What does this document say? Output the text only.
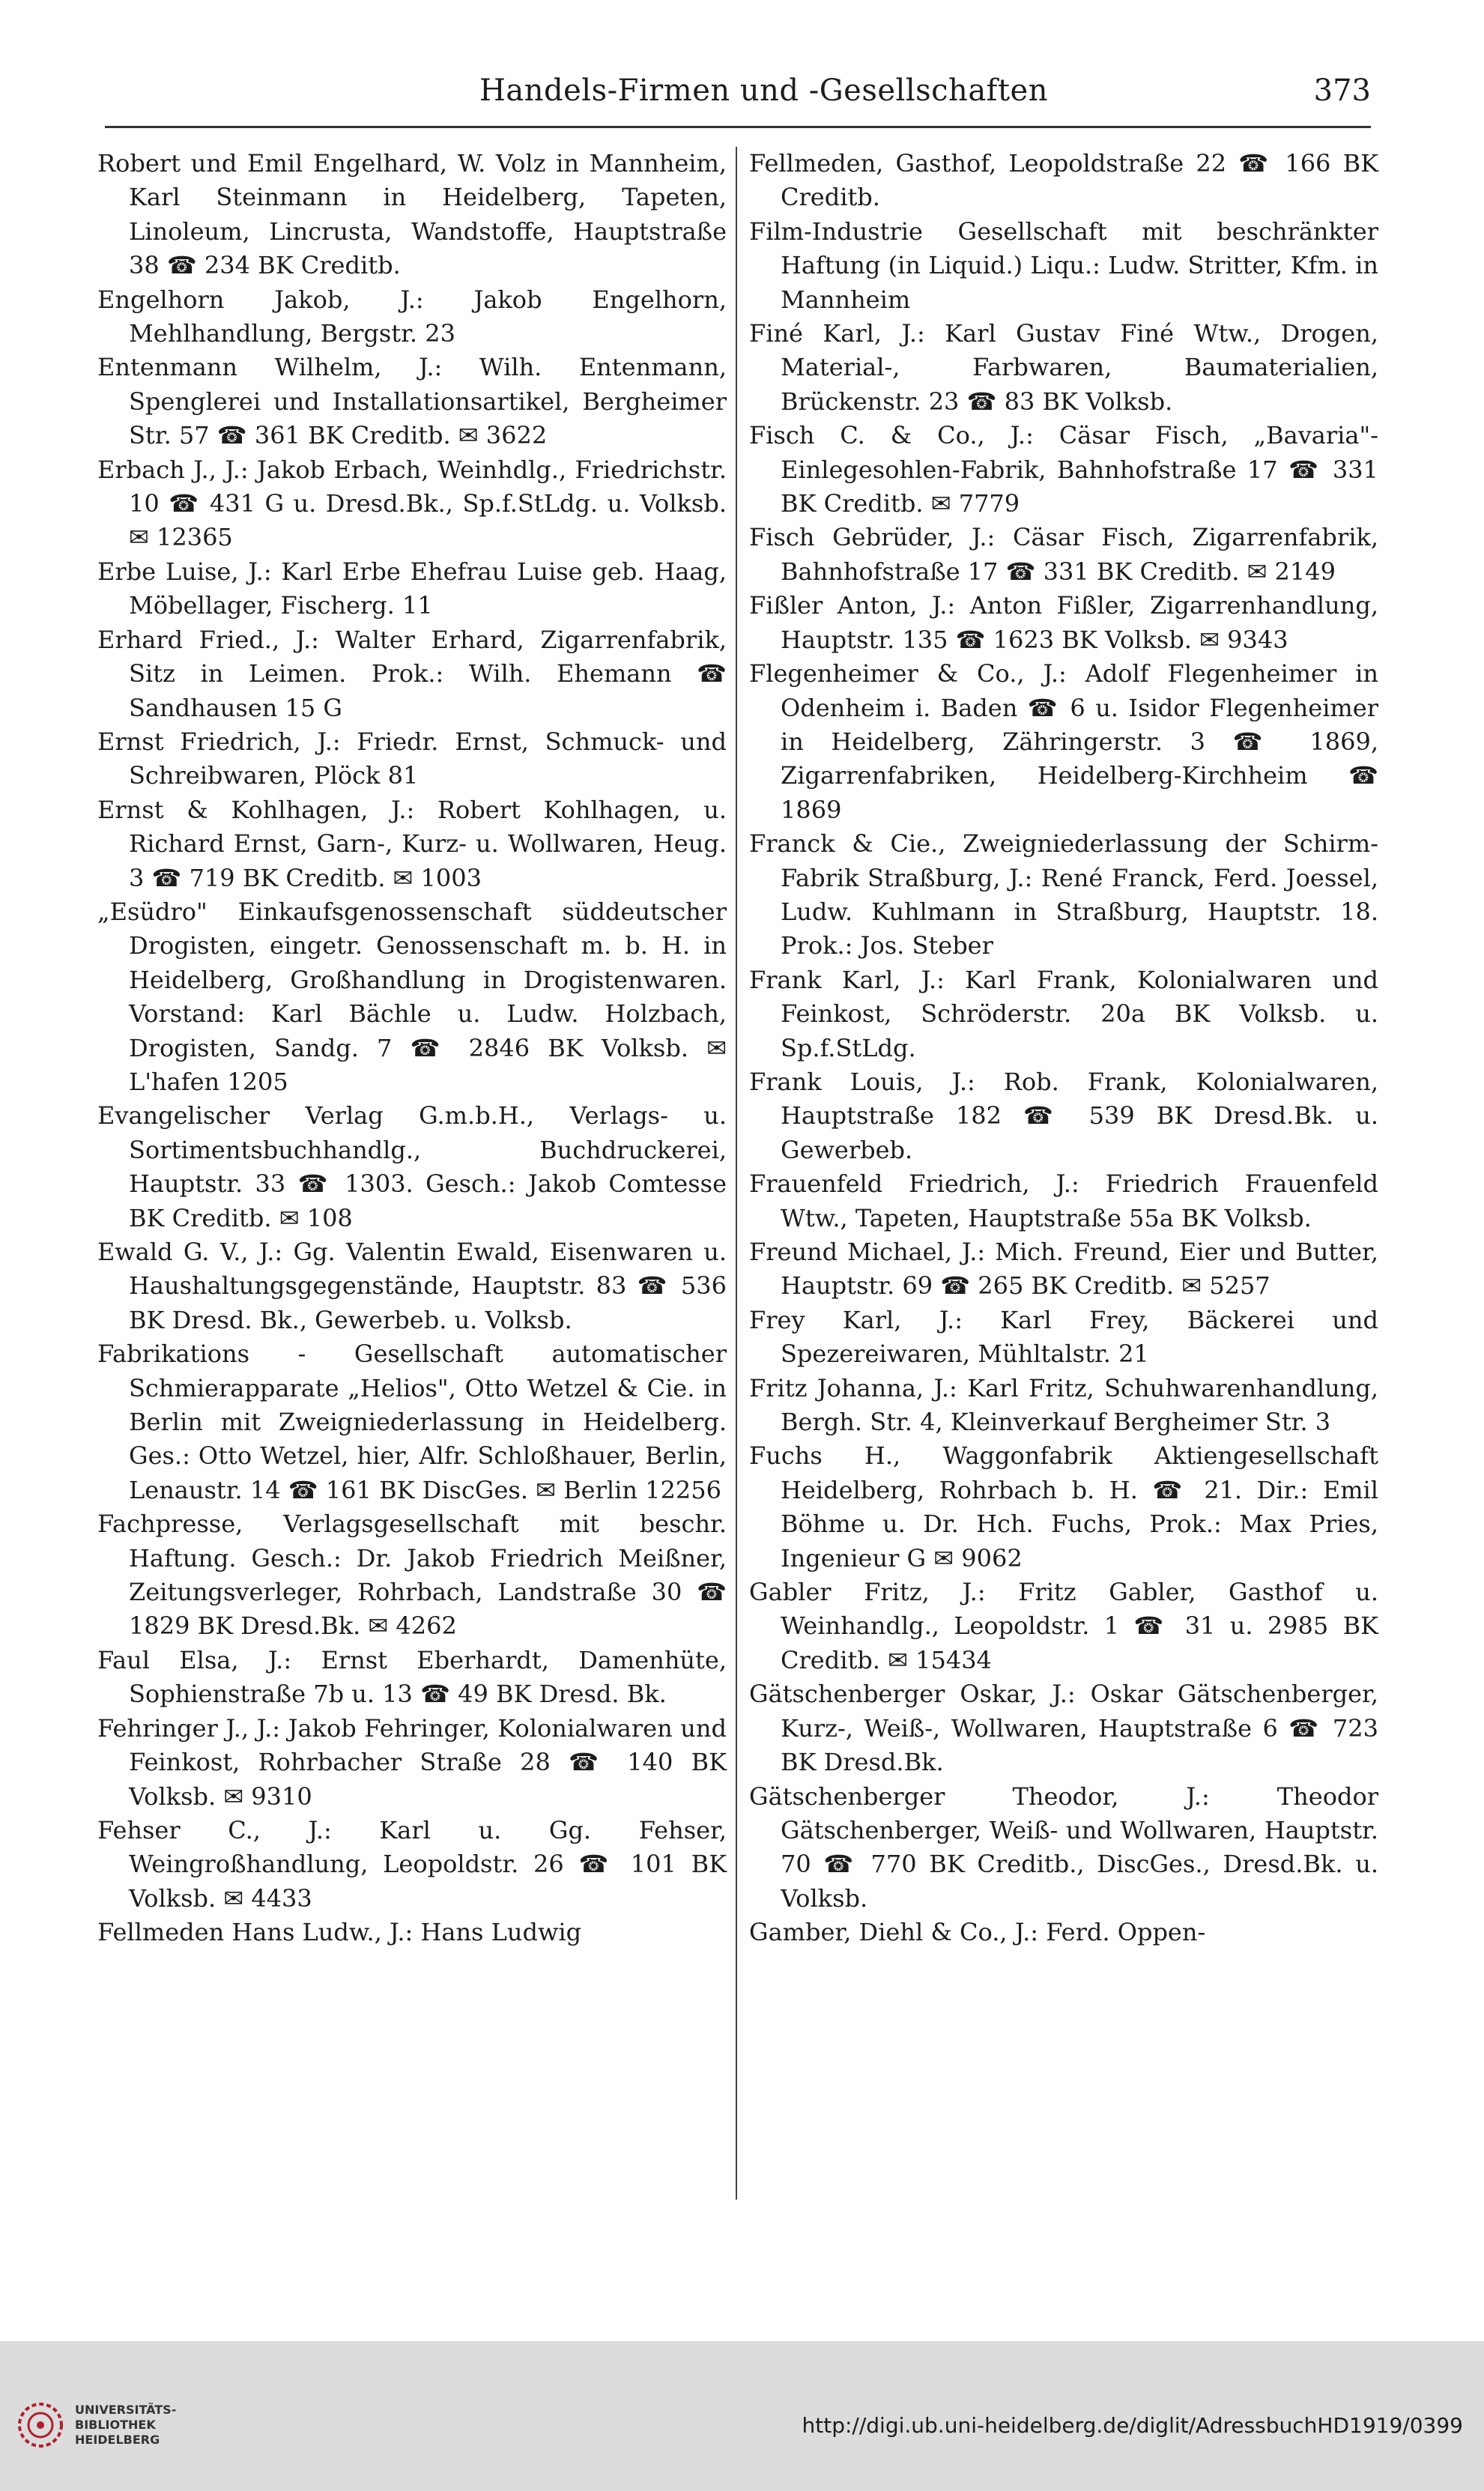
Handels-Firmen und -Gesellschaften	373

Robert und Emil Engelhard, W. Volz in Mannheim, Karl Steinmann in Heidelberg, Tapeten, Linoleum, Lincrusta, Wandstoffe, Hauptstraße 38 ☎ 234 BK Creditb.

Engelhorn Jakob, J.: Jakob Engelhorn, Mehlhandlung, Bergstr. 23

Entenmann Wilhelm, J.: Wilh. Entenmann, Spenglerei und Installationsartikel, Bergheimer Str. 57 ☎ 361 BK Creditb. ✉ 3622

Erbach J., J.: Jakob Erbach, Weinhdlg., Friedrichstr. 10 ☎ 431 G u. Dresd.Bk., Sp.f.StLdg. u. Volksb. ✉ 12365

Erbe Luise, J.: Karl Erbe Ehefrau Luise geb. Haag, Möbellager, Fischerg. 11

Erhard Fried., J.: Walter Erhard, Zigarrenfabrik, Sitz in Leimen. Prok.: Wilh. Ehemann ☎ Sandhausen 15 G

Ernst Friedrich, J.: Friedr. Ernst, Schmuck- und Schreibwaren, Plöck 81

Ernst & Kohlhagen, J.: Robert Kohlhagen, u. Richard Ernst, Garn-, Kurz- u. Wollwaren, Heug. 3 ☎ 719 BK Creditb. ✉ 1003

„Esüdro" Einkaufsgenossenschaft süddeutscher Drogisten, eingetr. Genossenschaft m. b. H. in Heidelberg, Großhandlung in Drogistenwaren. Vorstand: Karl Bächle u. Ludw. Holzbach, Drogisten, Sandg. 7 ☎ 2846 BK Volksb. ✉ L'hafen 1205

Evangelischer Verlag G.m.b.H., Verlags- u. Sortimentsbuchhandlg., Buchdruckerei, Hauptstr. 33 ☎ 1303. Gesch.: Jakob Comtesse BK Creditb. ✉ 108

Ewald G. V., J.: Gg. Valentin Ewald, Eisenwaren u. Haushaltungsgegenstände, Hauptstr. 83 ☎ 536 BK Dresd. Bk., Gewerbeb. u. Volksb.

Fabrikations - Gesellschaft automatischer Schmierapparate „Helios", Otto Wetzel & Cie. in Berlin mit Zweigniederlassung in Heidelberg. Ges.: Otto Wetzel, hier, Alfr. Schloßhauer, Berlin, Lenaustr. 14 ☎ 161 BK DiscGes. ✉ Berlin 12256

Fachpresse, Verlagsgesellschaft mit beschr. Haftung. Gesch.: Dr. Jakob Friedrich Meißner, Zeitungsverleger, Rohrbach, Landstraße 30 ☎ 1829 BK Dresd.Bk. ✉ 4262

Faul Elsa, J.: Ernst Eberhardt, Damenhüte, Sophienstraße 7b u. 13 ☎ 49 BK Dresd. Bk.

Fehringer J., J.: Jakob Fehringer, Kolonialwaren und Feinkost, Rohrbacher Straße 28 ☎ 140 BK Volksb. ✉ 9310

Fehser C., J.: Karl u. Gg. Fehser, Weingroßhandlung, Leopoldstr. 26 ☎ 101 BK Volksb. ✉ 4433

Fellmeden Hans Ludw., J.: Hans Ludwig

Fellmeden, Gasthof, Leopoldstraße 22 ☎ 166 BK Creditb.

Film-Industrie Gesellschaft mit beschränkter Haftung (in Liquid.) Liqu.: Ludw. Stritter, Kfm. in Mannheim

Finé Karl, J.: Karl Gustav Finé Wtw., Drogen, Material-, Farbwaren, Baumaterialien, Brückenstr. 23 ☎ 83 BK Volksb.

Fisch C. & Co., J.: Cäsar Fisch, „Bavaria"-Einlegesohlen-Fabrik, Bahnhofstraße 17 ☎ 331 BK Creditb. ✉ 7779

Fisch Gebrüder, J.: Cäsar Fisch, Zigarrenfabrik, Bahnhofstraße 17 ☎ 331 BK Creditb. ✉ 2149

Fißler Anton, J.: Anton Fißler, Zigarrenhandlung, Hauptstr. 135 ☎ 1623 BK Volksb. ✉ 9343

Flegenheimer & Co., J.: Adolf Flegenheimer in Odenheim i. Baden ☎ 6 u. Isidor Flegenheimer in Heidelberg, Zähringerstr. 3 ☎ 1869, Zigarrenfabriken, Heidelberg-Kirchheim ☎ 1869

Franck & Cie., Zweigniederlassung der Schirm-Fabrik Straßburg, J.: René Franck, Ferd. Joessel, Ludw. Kuhlmann in Straßburg, Hauptstr. 18. Prok.: Jos. Steber

Frank Karl, J.: Karl Frank, Kolonialwaren und Feinkost, Schröderstr. 20a BK Volksb. u. Sp.f.StLdg.

Frank Louis, J.: Rob. Frank, Kolonialwaren, Hauptstraße 182 ☎ 539 BK Dresd.Bk. u. Gewerbeb.

Frauenfeld Friedrich, J.: Friedrich Frauenfeld Wtw., Tapeten, Hauptstraße 55a BK Volksb.

Freund Michael, J.: Mich. Freund, Eier und Butter, Hauptstr. 69 ☎ 265 BK Creditb. ✉ 5257

Frey Karl, J.: Karl Frey, Bäckerei und Spezereiwaren, Mühltalstr. 21

Fritz Johanna, J.: Karl Fritz, Schuhwarenhandlung, Bergh. Str. 4, Kleinverkauf Bergheimer Str. 3

Fuchs H., Waggonfabrik Aktiengesellschaft Heidelberg, Rohrbach b. H. ☎ 21. Dir.: Emil Böhme u. Dr. Hch. Fuchs, Prok.: Max Pries, Ingenieur G ✉ 9062

Gabler Fritz, J.: Fritz Gabler, Gasthof u. Weinhandlg., Leopoldstr. 1 ☎ 31 u. 2985 BK Creditb. ✉ 15434

Gätschenberger Oskar, J.: Oskar Gätschenberger, Kurz-, Weiß-, Wollwaren, Hauptstraße 6 ☎ 723 BK Dresd.Bk.

Gätschenberger Theodor, J.: Theodor Gätschenberger, Weiß- und Wollwaren, Hauptstr. 70 ☎ 770 BK Creditb., DiscGes., Dresd.Bk. u. Volksb.

Gamber, Diehl & Co., J.: Ferd. Oppen-

UNIVERSITÄTS-
BIBLIOTHEK
HEIDELBERG
http://digi.ub.uni-heidelberg.de/diglit/AdressbuchHD1919/0399
